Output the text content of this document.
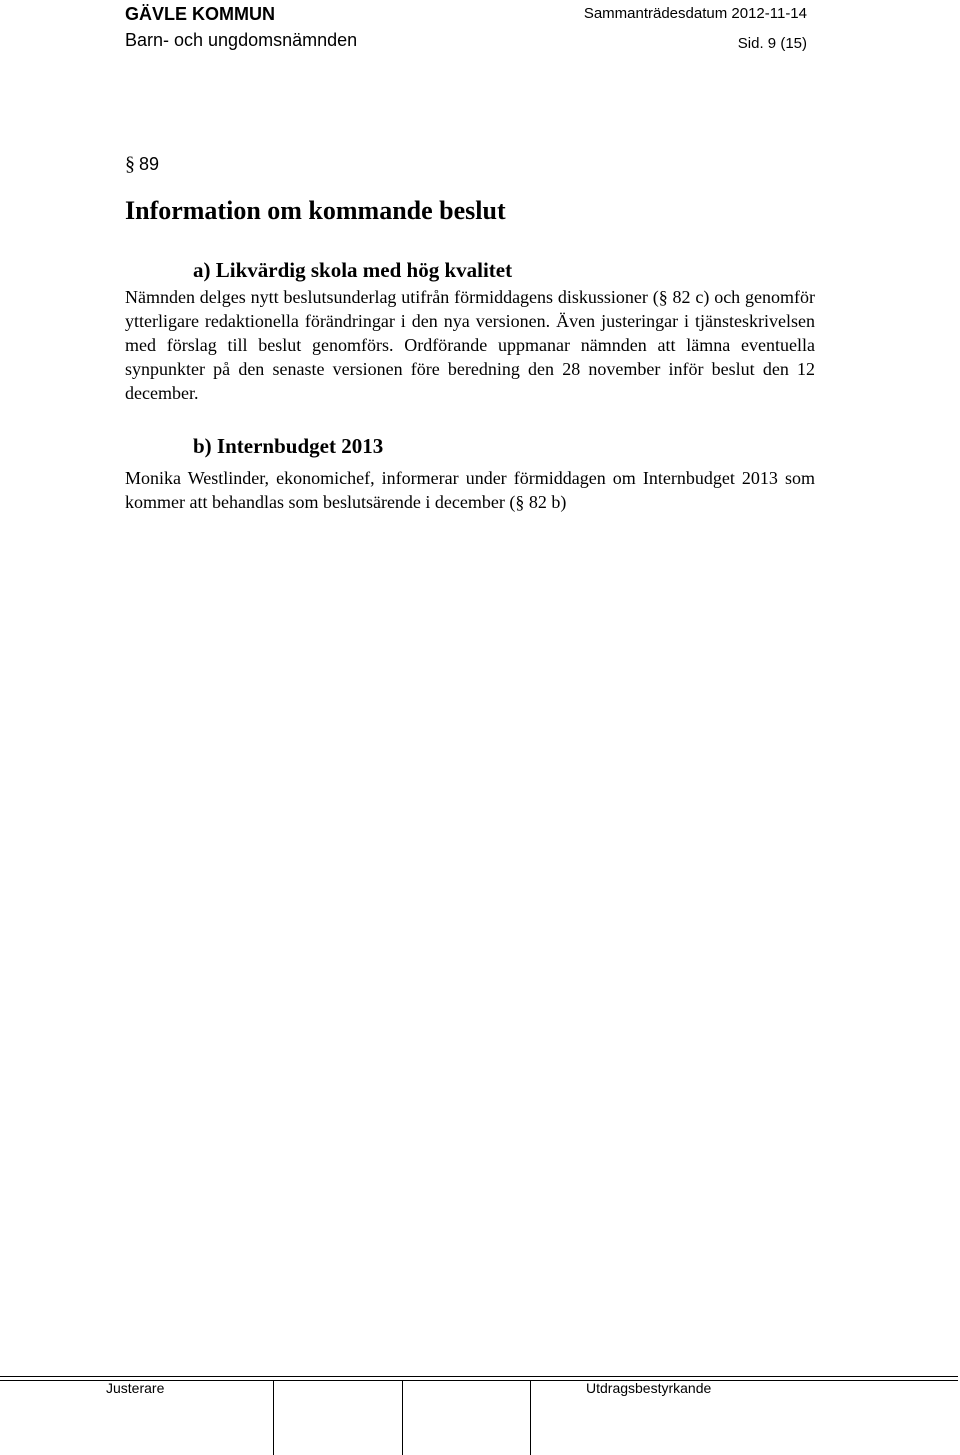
GÄVLE KOMMUN
Barn- och ungdomsnämnden
Sammanträdesdatum 2012-11-14
Sid. 9 (15)
§ 89
Information om kommande beslut
a) Likvärdig skola med hög kvalitet

Nämnden delges nytt beslutsunderlag utifrån förmiddagens diskussioner (§ 82 c) och genomför ytterligare redaktionella förändringar i den nya versionen. Även justeringar i tjänsteskrivelsen med förslag till beslut genomförs. Ordförande uppmanar nämnden att lämna eventuella synpunkter på den senaste versionen före beredning den 28 november inför beslut den 12 december.

b) Internbudget 2013

Monika Westlinder, ekonomichef, informerar under förmiddagen om Internbudget 2013 som kommer att behandlas som beslutsärende i december (§ 82 b)

Justerare	Utdragsbestyrkande
